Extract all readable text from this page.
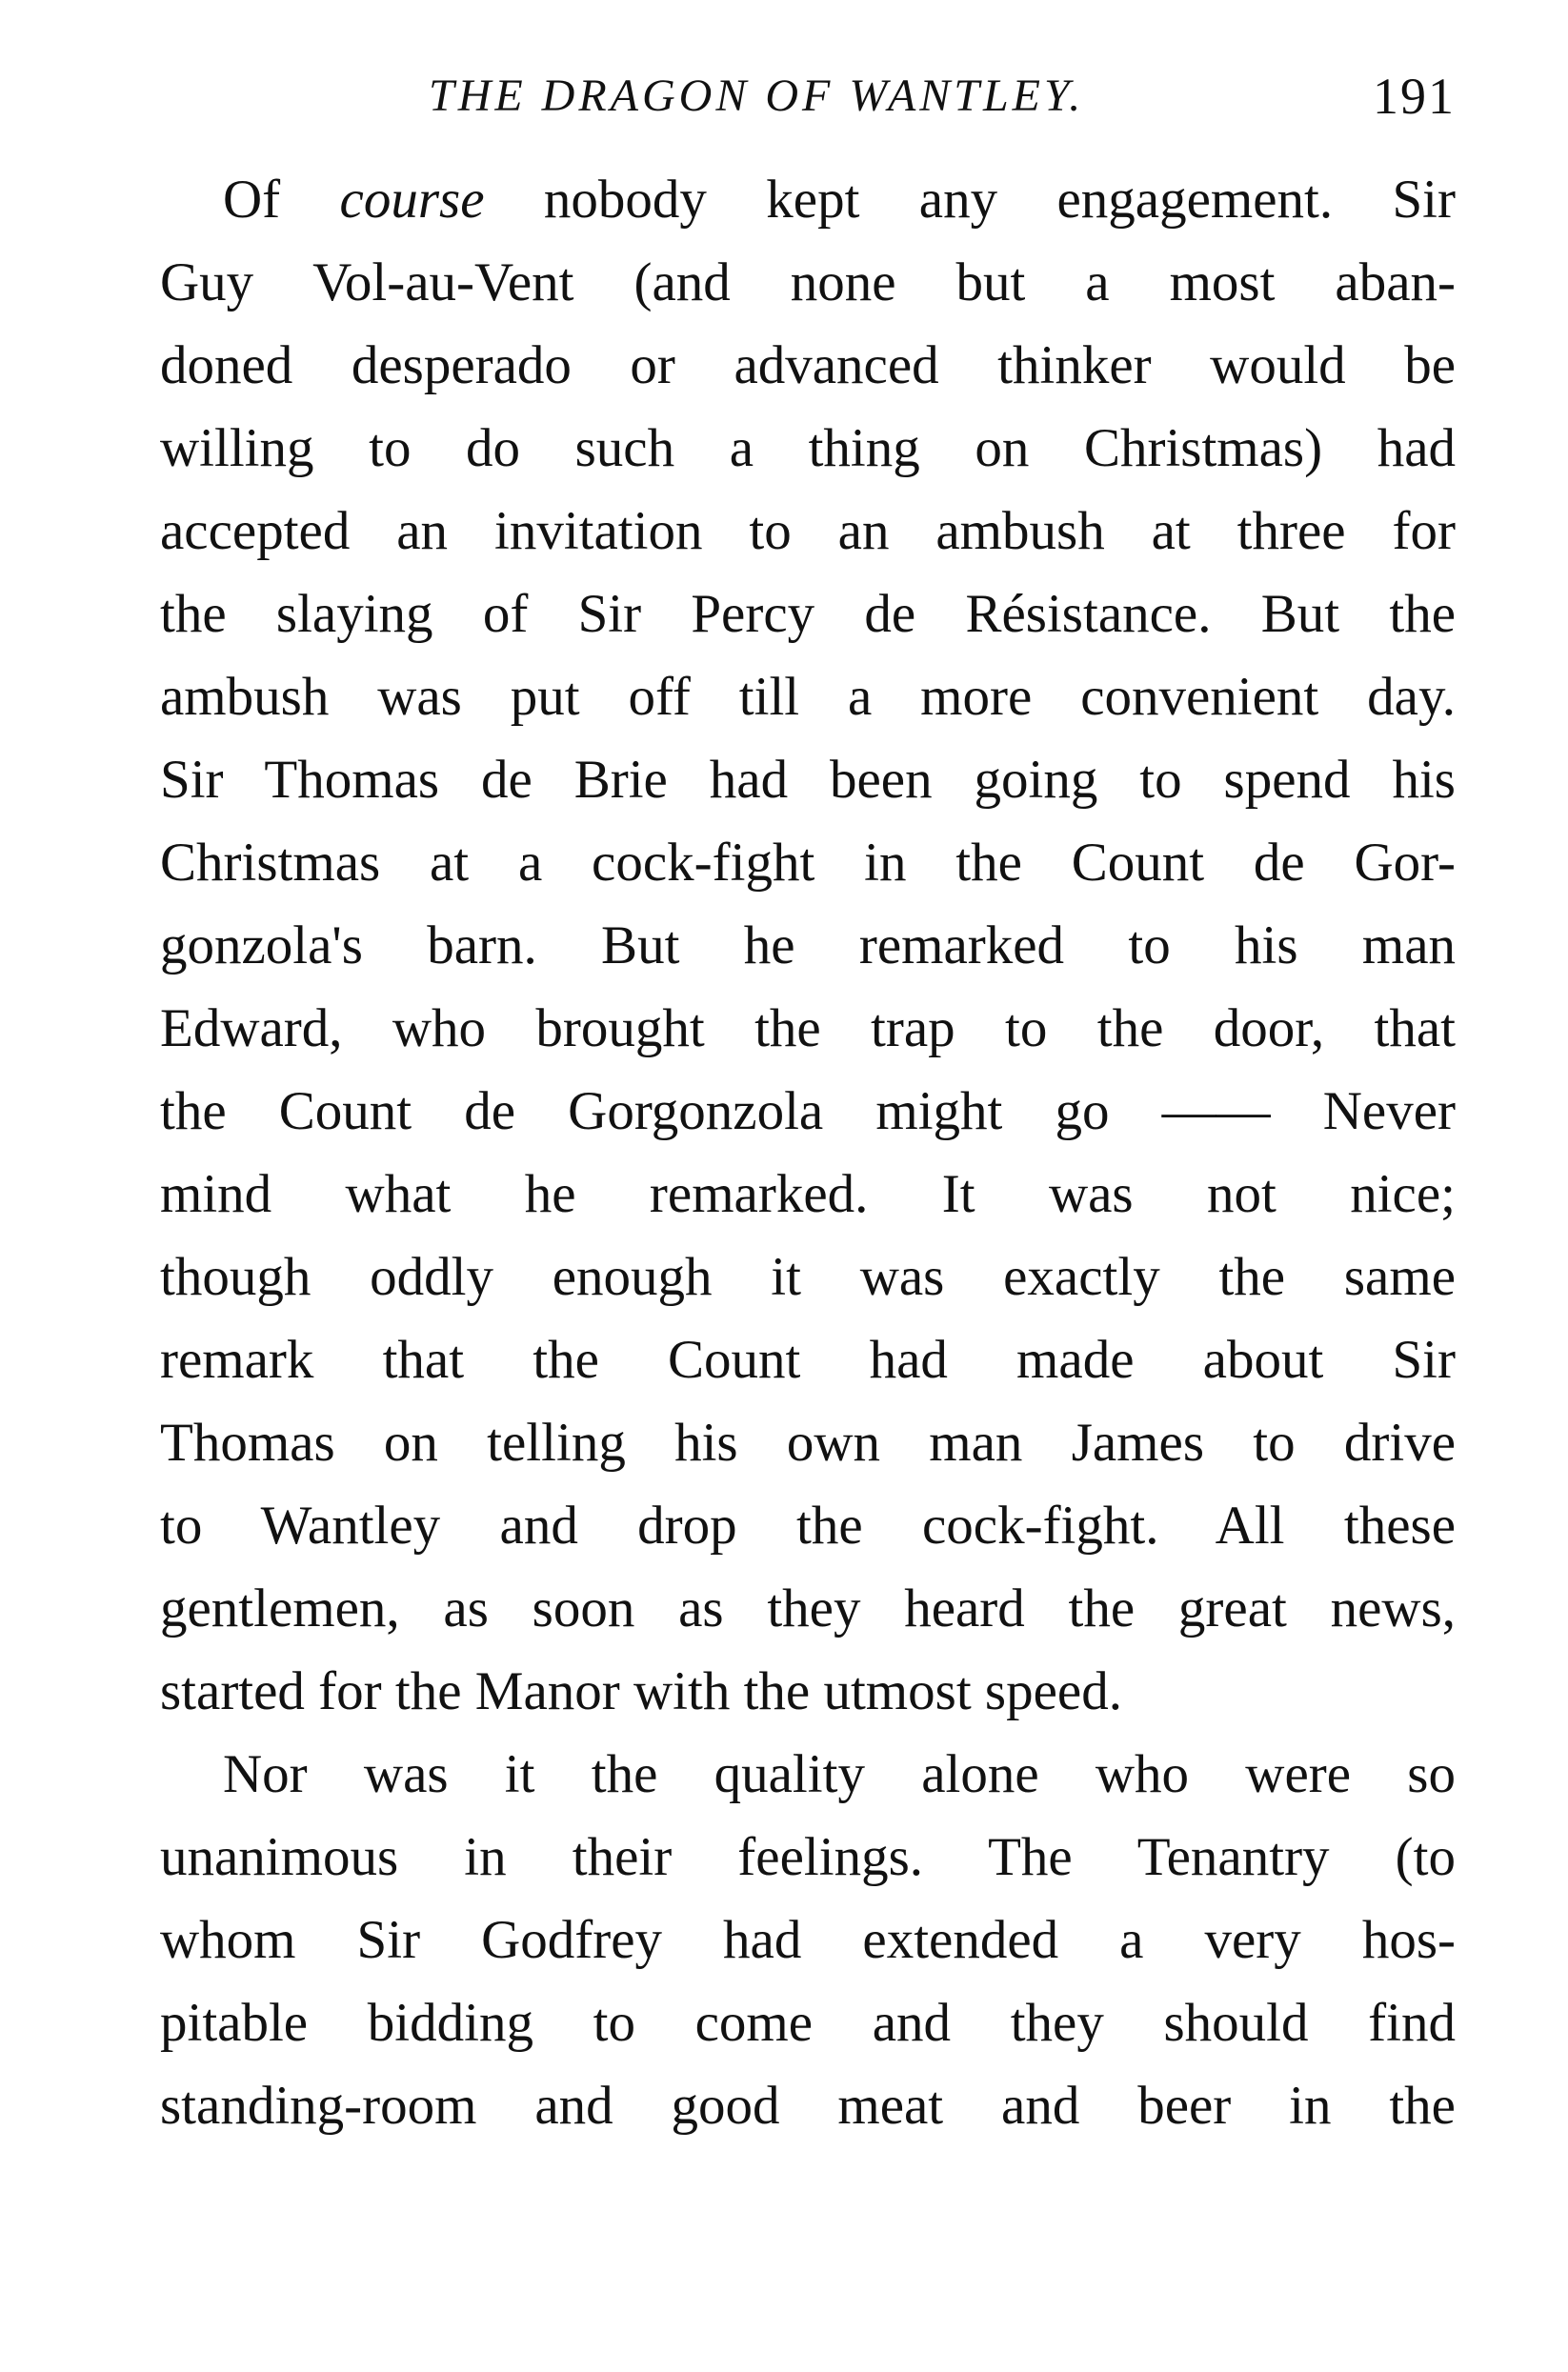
THE DRAGON OF WANTLEY.	191
Of course nobody kept any engagement. Sir
Guy Vol-au-Vent (and none but a most aban-
doned desperado or advanced thinker would be
willing to do such a thing on Christmas) had
accepted an invitation to an ambush at three for
the slaying of Sir Percy de Résistance. But the
ambush was put off till a more convenient day.
Sir Thomas de Brie had been going to spend his
Christmas at a cock-fight in the Count de Gor-
gonzola's barn. But he remarked to his man
Edward, who brought the trap to the door, that
the Count de Gorgonzola might go —— Never
mind what he remarked. It was not nice;
though oddly enough it was exactly the same
remark that the Count had made about Sir
Thomas on telling his own man James to drive
to Wantley and drop the cock-fight. All these
gentlemen, as soon as they heard the great news,
started for the Manor with the utmost speed.
Nor was it the quality alone who were so
unanimous in their feelings. The Tenantry (to
whom Sir Godfrey had extended a very hos-
pitable bidding to come and they should find
standing-room and good meat and beer in the
